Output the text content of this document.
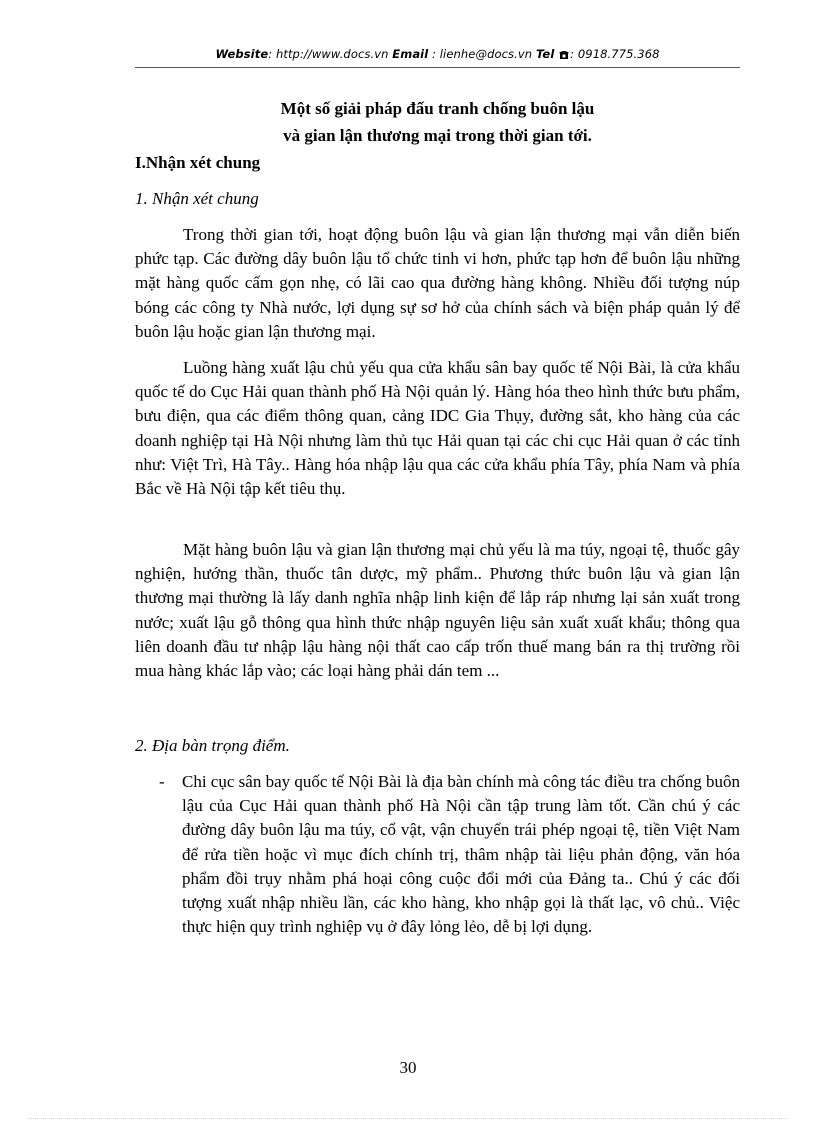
Website: http://www.docs.vn Email : lienhe@docs.vn Tel : 0918.775.368
Một số giải pháp đấu tranh chống buôn lậu
và gian lận thương mại trong thời gian tới.
I.Nhận xét chung
1. Nhận xét chung

Trong thời gian tới, hoạt động buôn lậu và gian lận thương mại vẫn diễn biến phức tạp. Các đường dây buôn lậu tổ chức tinh vi hơn, phức tạp hơn để buôn lậu những mặt hàng quốc cấm gọn nhẹ, có lãi cao qua đường hàng không. Nhiều đối tượng núp bóng các công ty Nhà nước, lợi dụng sự sơ hở của chính sách và biện pháp quản lý để buôn lậu hoặc gian lận thương mại.

Luồng hàng xuất lậu chủ yếu qua cửa khẩu sân bay quốc tế Nội Bài, là cửa khẩu quốc tế do Cục Hải quan thành phố Hà Nội quản lý. Hàng hóa theo hình thức bưu phẩm, bưu điện, qua các điểm thông quan, cảng IDC Gia Thụy, đường sắt, kho hàng của các doanh nghiệp tại Hà Nội nhưng làm thủ tục Hải quan tại các chi cục Hải quan ở các tỉnh như: Việt Trì, Hà Tây.. Hàng hóa nhập lậu qua các cửa khẩu phía Tây, phía Nam và phía Bắc về Hà Nội tập kết tiêu thụ.

Mặt hàng buôn lậu và gian lận thương mại chủ yếu là ma túy, ngoại tệ, thuốc gây nghiện, hướng thần, thuốc tân dược, mỹ phẩm.. Phương thức buôn lậu và gian lận thương mại thường là lấy danh nghĩa nhập linh kiện để lắp ráp nhưng lại sản xuất trong nước; xuất lậu gỗ thông qua hình thức nhập nguyên liệu sản xuất xuất khẩu; thông qua liên doanh đầu tư nhập lậu hàng nội thất cao cấp trốn thuế mang bán ra thị trường rồi mua hàng khác lắp vào; các loại hàng phải dán tem ...

2. Địa bàn trọng điểm.
- Chi cục sân bay quốc tế Nội Bài là địa bàn chính mà công tác điều tra chống buôn lậu của Cục Hải quan thành phố Hà Nội cần tập trung làm tốt. Cần chú ý các đường dây buôn lậu ma túy, cổ vật, vận chuyển trái phép ngoại tệ, tiền Việt Nam để rửa tiền hoặc vì mục đích chính trị, thâm nhập tài liệu phản động, văn hóa phẩm đồi trụy nhằm phá hoại công cuộc đổi mới của Đảng ta.. Chú ý các đối tượng xuất nhập nhiều lần, các kho hàng, kho nhập gọi là thất lạc, vô chủ.. Việc thực hiện quy trình nghiệp vụ ở đây lỏng lẻo, dễ bị lợi dụng.

30
